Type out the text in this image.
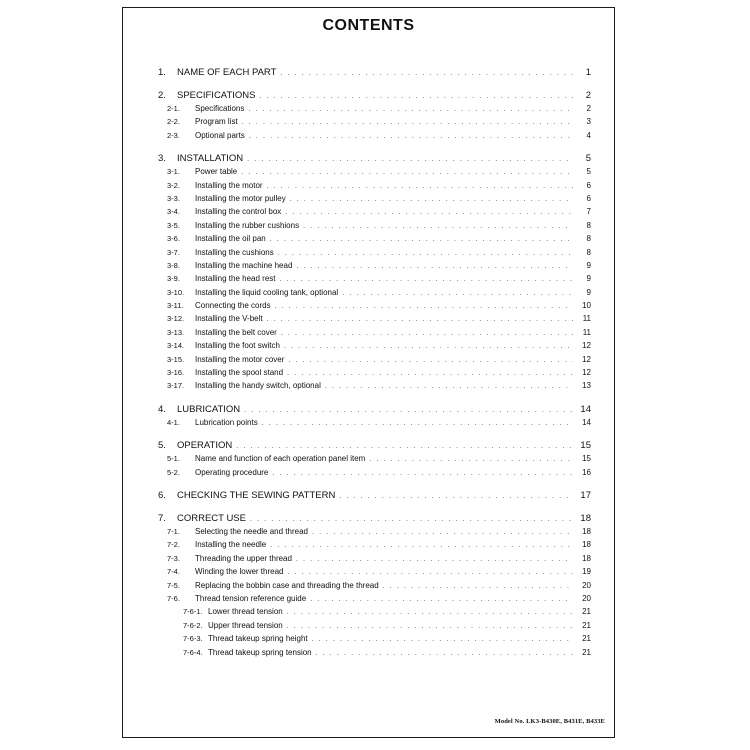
CONTENTS
1.	NAME OF EACH PART . . .	1
2.	SPECIFICATIONS . . .	2
2-1.	Specifications . . .	2
2-2.	Program list . . .	3
2-3.	Optional parts . . .	4
3.	INSTALLATION . . .	5
3-1.	Power table . . .	5
3-2.	Installing the motor . . .	6
3-3.	Installing the motor pulley . . .	6
3-4.	Installing the control box . . .	7
3-5.	Installing the rubber cushions . . .	8
3-6.	Installing the oil pan . . .	8
3-7.	Installing the cushions . . .	8
3-8.	Installing the machine head . . .	9
3-9.	Installing the head rest . . .	9
3-10.	Installing the liquid cooling tank, optional . . .	9
3-11.	Connecting the cords . . .	10
3-12.	Installing the V-belt . . .	11
3-13.	Installing the belt cover . . .	11
3-14.	Installing the foot switch . . .	12
3-15.	Installing the motor cover . . .	12
3-16.	Installing the spool stand . . .	12
3-17.	Installing the handy switch, optional . . .	13
4.	LUBRICATION . . .	14
4-1.	Lubrication points . . .	14
5.	OPERATION . . .	15
5-1.	Name and function of each operation panel item . . .	15
5-2.	Operating procedure . . .	16
6.	CHECKING THE SEWING PATTERN . . .	17
7.	CORRECT USE . . .	18
7-1.	Selecting the needle and thread . . .	18
7-2.	Installing the needle . . .	18
7-3.	Threading the upper thread . . .	18
7-4.	Winding the lower thread . . .	19
7-5.	Replacing the bobbin case and threading the thread . . .	20
7-6.	Thread tension reference guide . . .	20
7-6-1. Lower thread tension . . .	21
7-6-2. Upper thread tension . . .	21
7-6-3. Thread takeup spring height . . .	21
7-6-4. Thread takeup spring tension . . .	21
Model No. LK3-B430E, B431E, B433E
